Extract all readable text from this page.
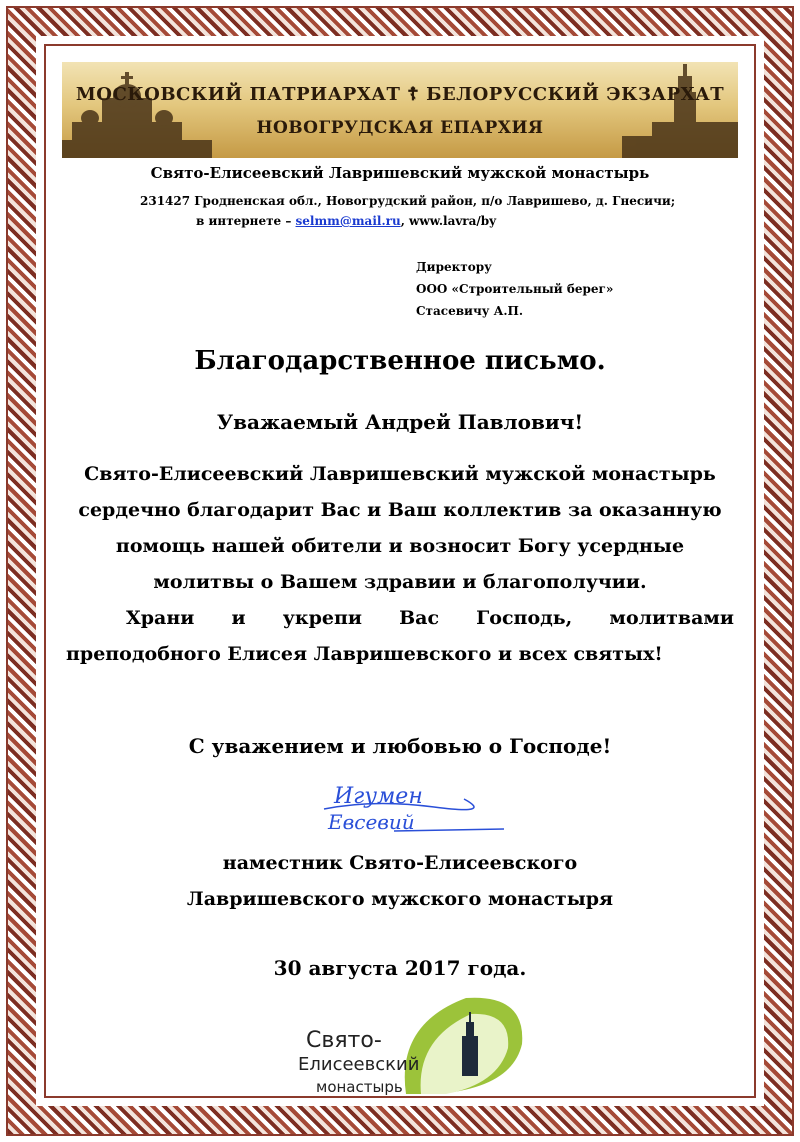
МОСКОВСКИЙ ПАТРИАРХАТ ☦ БЕЛОРУССКИЙ ЭКЗАРХАТ
НОВОГРУДСКАЯ ЕПАРХИЯ
Свято-Елисеевский Лавришевский мужской монастырь
231427 Гродненская обл., Новогрудский район, п/о Лавришево, д. Гнесичи;
в интернете – selmm@mail.ru, www.lavra/by
Директору
ООО «Строительный берег»
Стасевичу А.П.
Благодарственное письмо.
Уважаемый Андрей Павлович!

Свято-Елисеевский Лавришевский мужской монастырь

сердечно благодарит Вас и Ваш коллектив за оказанную

помощь нашей обители и возносит Богу усердные

молитвы о Вашем здравии и благополучии.

Храни и укрепи Вас Господь, молитвами

преподобного Елисея Лавришевского и всех святых!

С уважением и любовью о Господе!
Игумен
Евсевий
наместник Свято-Елисеевского
Лавришевского мужского монастыря
30 августа 2017 года.
Свято-
Елисеевский
монастырь
